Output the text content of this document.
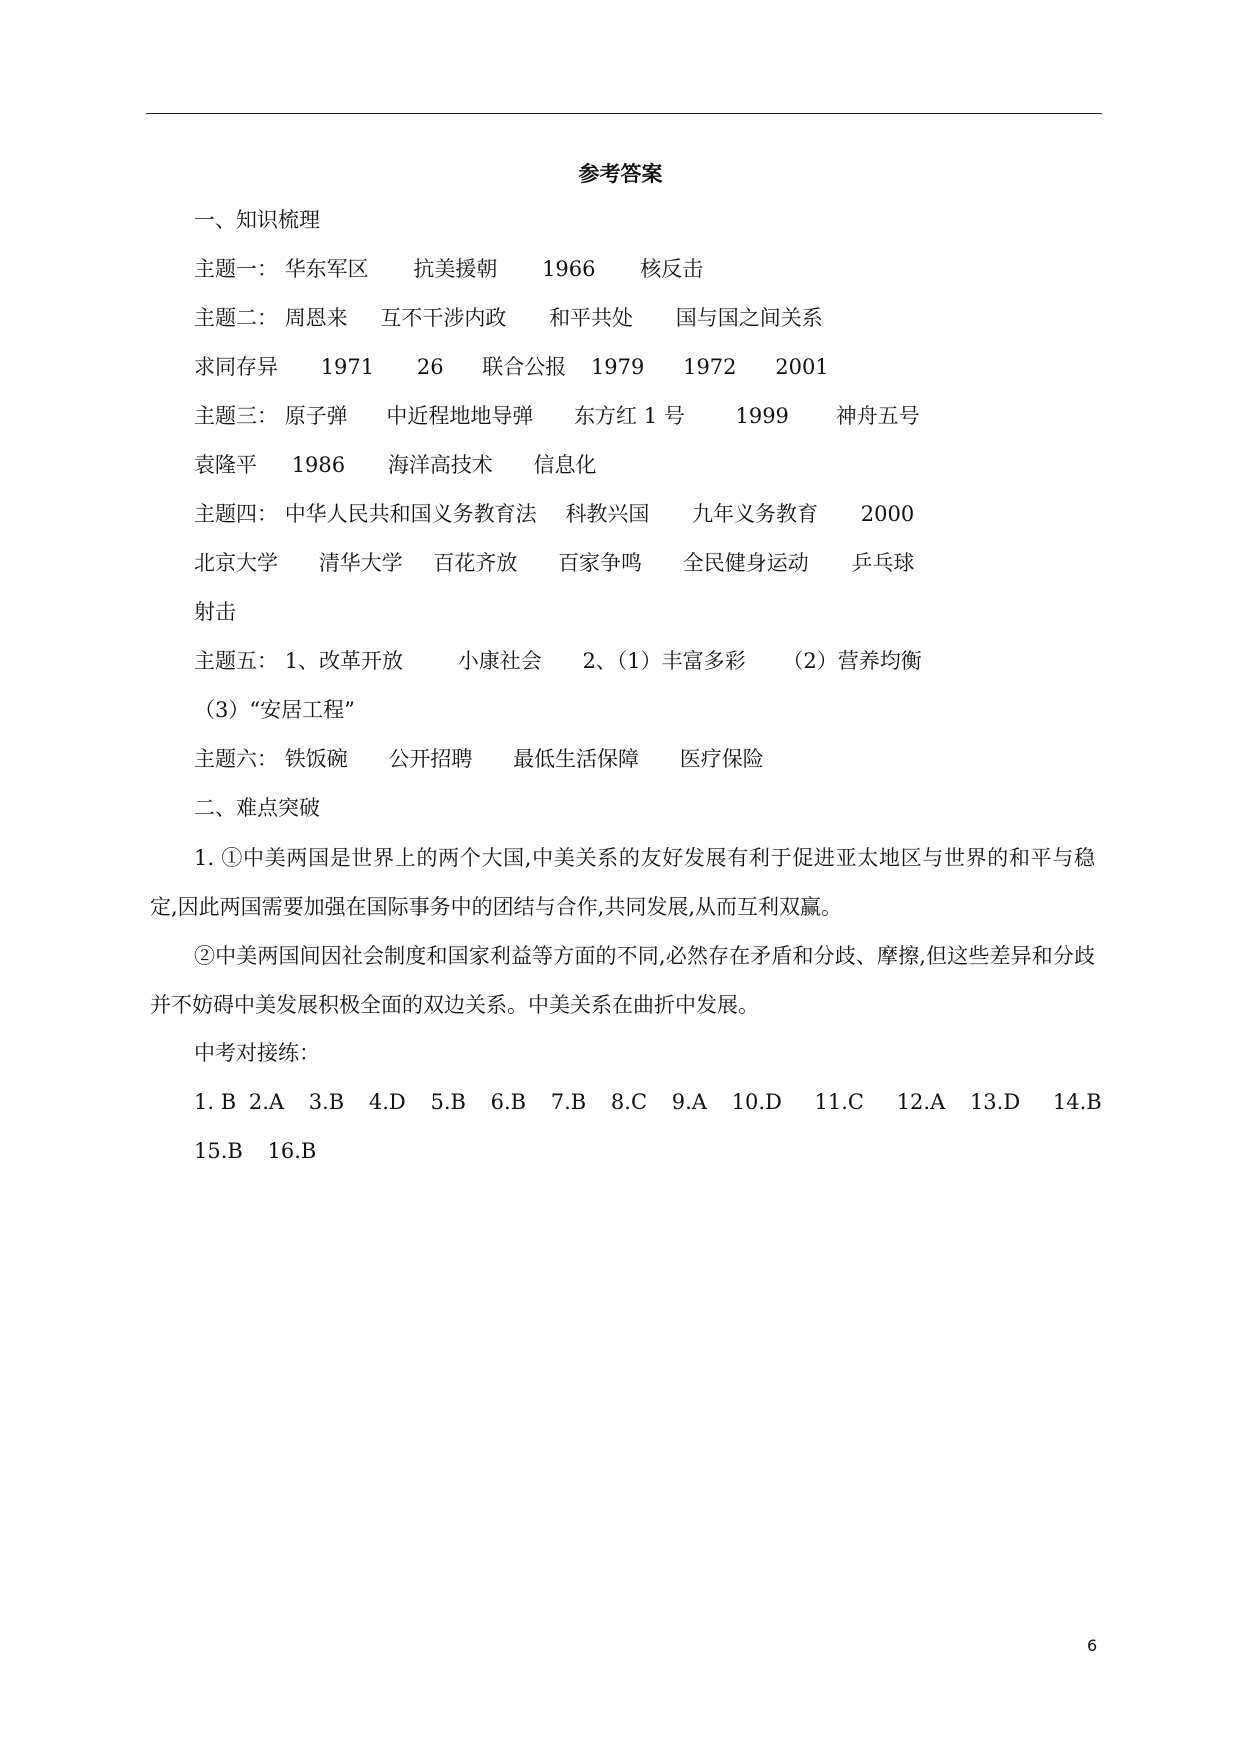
参考答案
一、知识梳理
主题一： 华东军区 抗美援朝 1966 核反击
主题二： 周恩来 互不干涉内政 和平共处 国与国之间关系
求同存异 1971 26 联合公报 1979 1972 2001
主题三： 原子弹 中近程地地导弹 东方红 1 号 1999 神舟五号
袁隆平 1986 海洋高技术 信息化
主题四： 中华人民共和国义务教育法 科教兴国 九年义务教育 2000
北京大学 清华大学 百花齐放 百家争鸣 全民健身运动 乒乓球
射击
主题五： 1、改革开放	小康社会 2、（1）丰富多彩 （2）营养均衡
（3）“安居工程”
主题六： 铁饭碗 公开招聘 最低生活保障 医疗保险
二、难点突破
1. ①中美两国是世界上的两个大国,中美关系的友好发展有利于促进亚太地区与世界的和平与稳定,因此两国需要加强在国际事务中的团结与合作,共同发展,从而互利双赢。
②中美两国间因社会制度和国家利益等方面的不同,必然存在矛盾和分歧、摩擦,但这些差异和分歧并不妨碍中美发展积极全面的双边关系。中美关系在曲折中发展。
中考对接练：
1. B 2.A 3.B 4.D 5.B 6.B 7.B 8.C 9.A 10.D 11.C 12.A 13.D 14.B
15.B 16.B
6
